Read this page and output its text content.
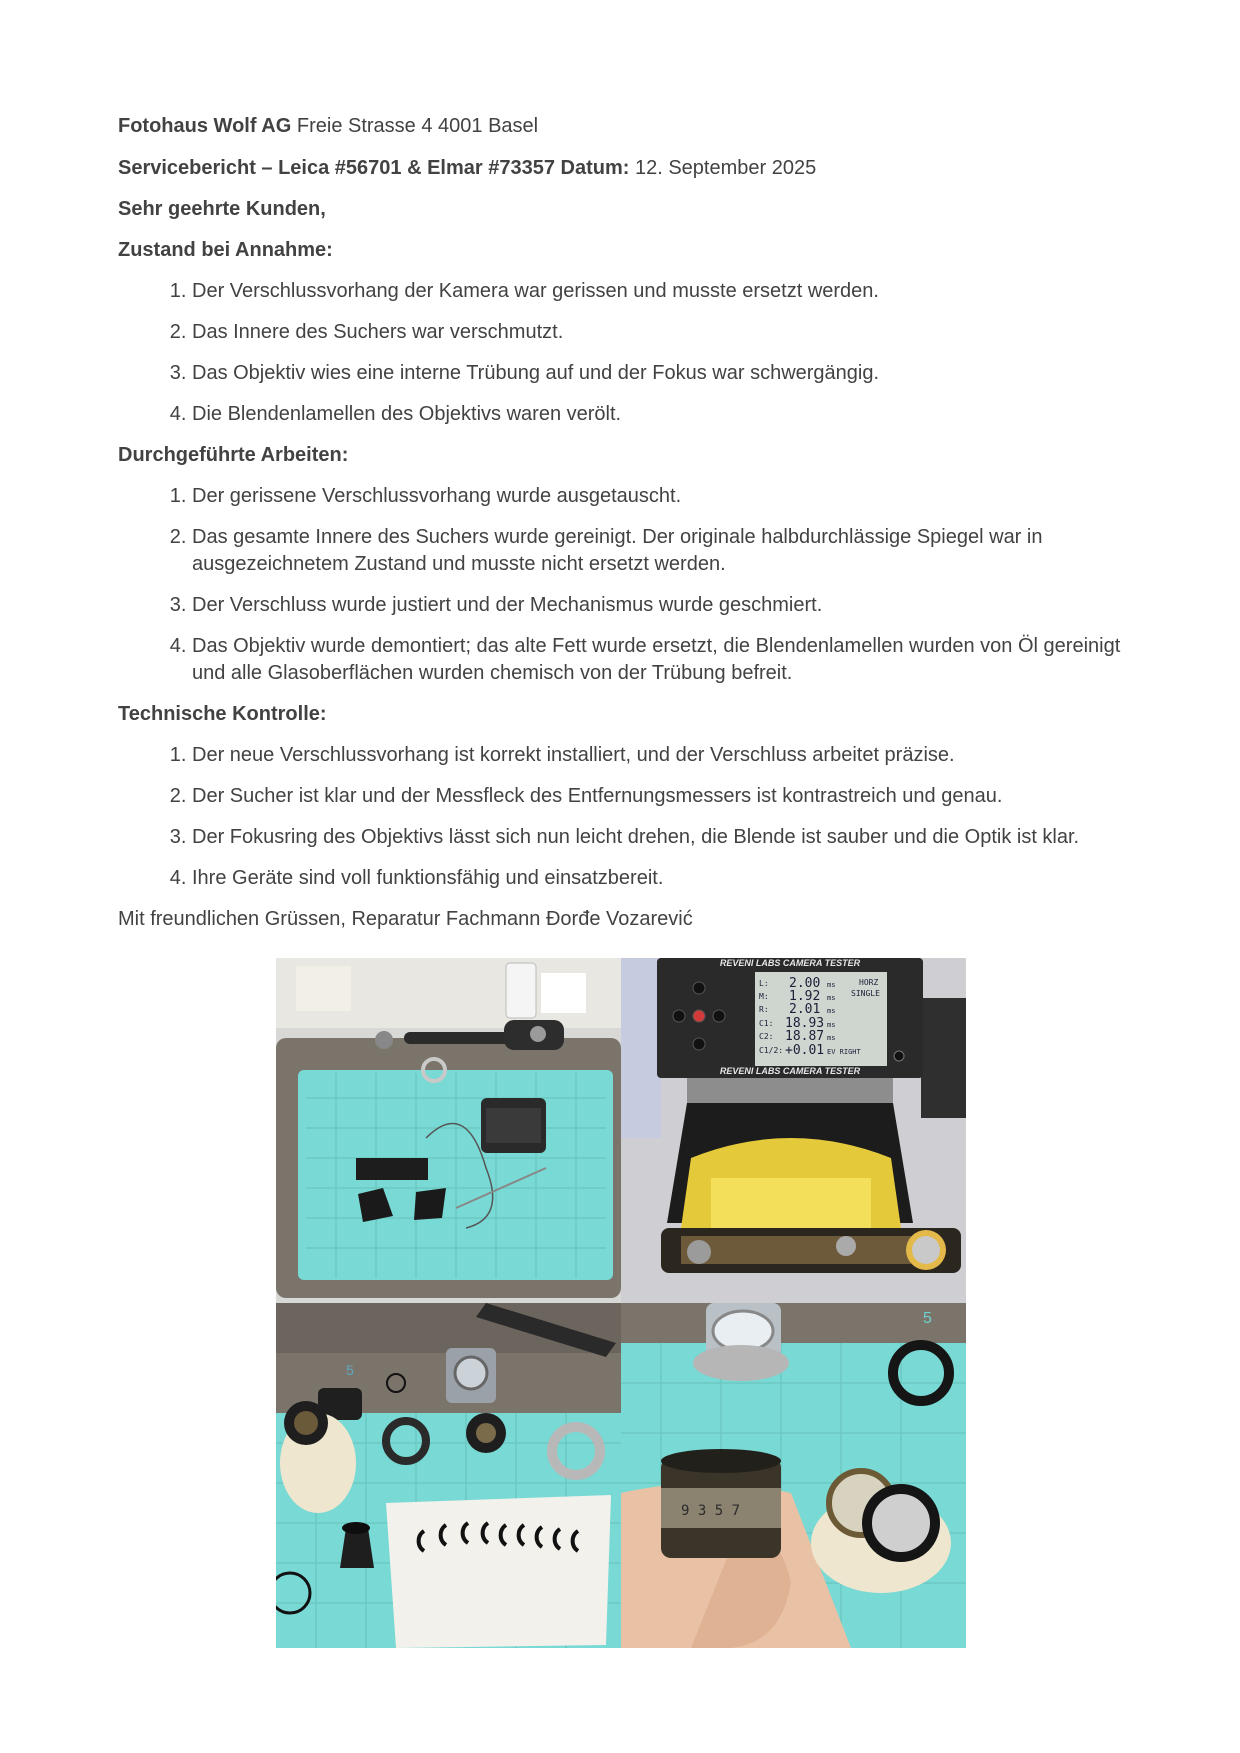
Fotohaus Wolf AG Freie Strasse 4 4001 Basel

Servicebericht – Leica #56701 & Elmar #73357 Datum: 12. September 2025

Sehr geehrte Kunden,

Zustand bei Annahme:

1. Der Verschlussvorhang der Kamera war gerissen und musste ersetzt werden.
2. Das Innere des Suchers war verschmutzt.
3. Das Objektiv wies eine interne Trübung auf und der Fokus war schwergängig.
4. Die Blendenlamellen des Objektivs waren verölt.

Durchgeführte Arbeiten:

1. Der gerissene Verschlussvorhang wurde ausgetauscht.
2. Das gesamte Innere des Suchers wurde gereinigt. Der originale halbdurchlässige Spiegel war in ausgezeichnetem Zustand und musste nicht ersetzt werden.
3. Der Verschluss wurde justiert und der Mechanismus wurde geschmiert.
4. Das Objektiv wurde demontiert; das alte Fett wurde ersetzt, die Blendenlamellen wurden von Öl gereinigt und alle Glasoberflächen wurden chemisch von der Trübung befreit.

Technische Kontrolle:

1. Der neue Verschlussvorhang ist korrekt installiert, und der Verschluss arbeitet präzise.
2. Der Sucher ist klar und der Messfleck des Entfernungsmessers ist kontrastreich und genau.
3. Der Fokusring des Objektivs lässt sich nun leicht drehen, die Blende ist sauber und die Optik ist klar.
4. Ihre Geräte sind voll funktionsfähig und einsatzbereit.

Mit freundlichen Grüssen, Reparatur Fachmann Đorđe Vozarević

REVENI LABS CAMERA TESTER
L: 2.00 ms
M: 1.92 ms
R: 2.01 ms
C1: 18.93 ms
C2: 18.87 ms
C1/2: +0.01 EV RIGHT
HORZ
SINGLE
REVENI LABS CAMERA TESTER
5
5
9 3 5 7
